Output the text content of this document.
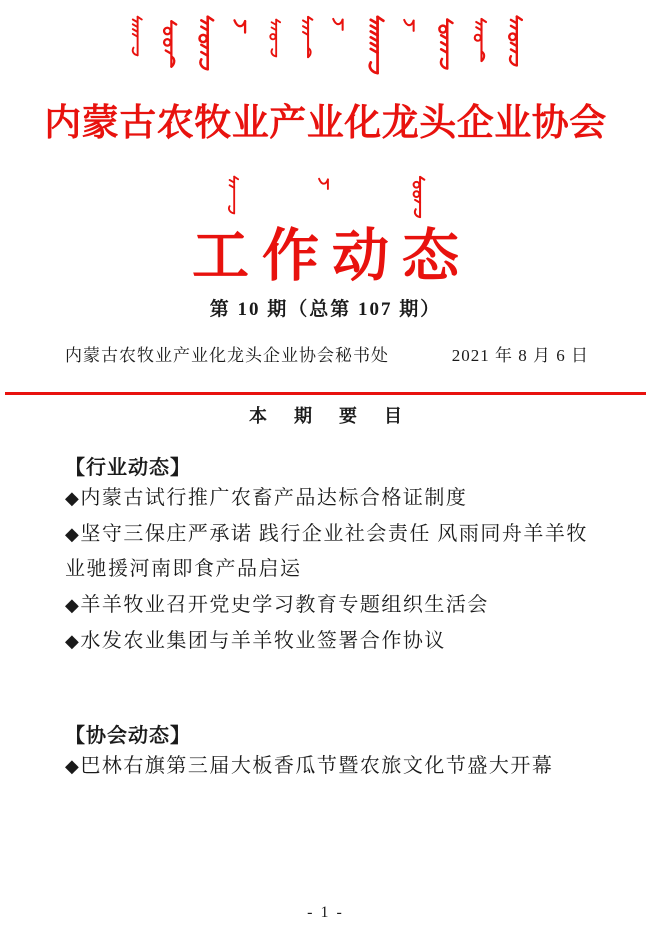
内蒙古农牧业产业化龙头企业协会
工作动态
第 10 期（总第 107 期）
内蒙古农牧业产业化龙头企业协会秘书处	2021 年 8 月 6 日
本 期 要 目
【行业动态】
◆内蒙古试行推广农畜产品达标合格证制度
◆坚守三保庄严承诺 践行企业社会责任 风雨同舟羊羊牧业驰援河南即食产品启运
◆羊羊牧业召开党史学习教育专题组织生活会
◆水发农业集团与羊羊牧业签署合作协议
【协会动态】
◆巴林右旗第三届大板香瓜节暨农旅文化节盛大开幕
- 1 -
